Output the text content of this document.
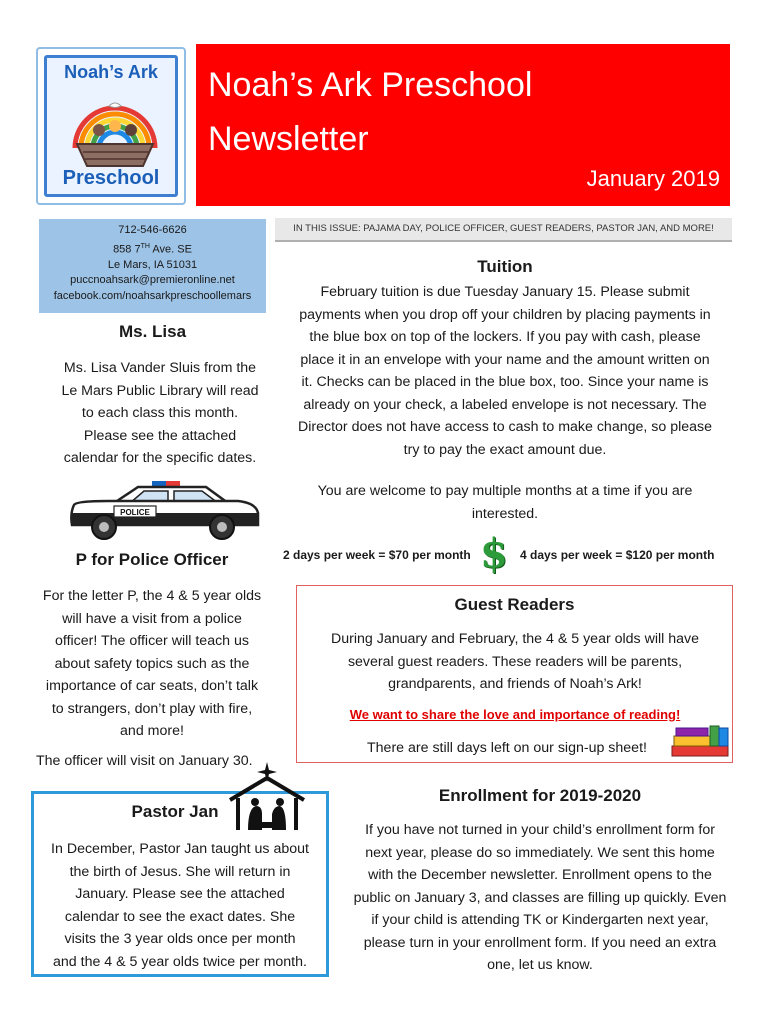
Noah’s Ark
Preschool
Noah’s Ark Preschool
Newsletter
January 2019
712-546-6626
858 7TH Ave. SE
Le Mars, IA 51031
puccnoahsark@premieronline.net
facebook.com/noahsarkpreschoollemars
IN THIS ISSUE: PAJAMA DAY, POLICE OFFICER, GUEST READERS, PASTOR JAN, AND MORE!
Ms. Lisa
Ms. Lisa Vander Sluis from the
Le Mars Public Library will read
to each class this month.
Please see the attached
calendar for the specific dates.
POLICE
P for Police Officer
For the letter P, the 4 & 5 year olds
will have a visit from a police
officer! The officer will teach us
about safety topics such as the
importance of car seats, don’t talk
to strangers, don’t play with fire,
and more!
The officer will visit on January 30.
Tuition
February tuition is due Tuesday January 15. Please submit
payments when you drop off your children by placing payments in
the blue box on top of the lockers. If you pay with cash, please
place it in an envelope with your name and the amount written on
it. Checks can be placed in the blue box, too. Since your name is
already on your check, a labeled envelope is not necessary. The
Director does not have access to cash to make change, so please
try to pay the exact amount due.
You are welcome to pay multiple months at a time if you are
interested.
2 days per week = $70 per month $ 4 days per week = $120 per month
Guest Readers
During January and February, the 4 & 5 year olds will have
several guest readers. These readers will be parents,
grandparents, and friends of Noah’s Ark!
We want to share the love and importance of reading!
There are still days left on our sign-up sheet!
Pastor Jan
In December, Pastor Jan taught us about
the birth of Jesus. She will return in
January. Please see the attached
calendar to see the exact dates. She
visits the 3 year olds once per month
and the 4 & 5 year olds twice per month.
Enrollment for 2019-2020
If you have not turned in your child’s enrollment form for
next year, please do so immediately. We sent this home
with the December newsletter. Enrollment opens to the
public on January 3, and classes are filling up quickly. Even
if your child is attending TK or Kindergarten next year,
please turn in your enrollment form. If you need an extra
one, let us know.
